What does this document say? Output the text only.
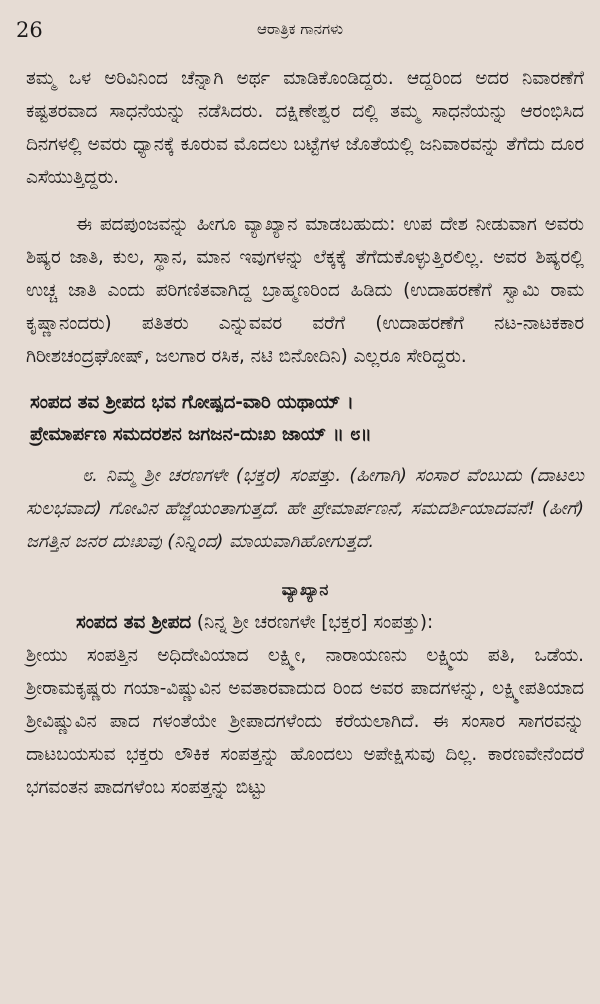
26	ಆರಾತ್ರಿಕ ಗಾನಗಳು

ತಮ್ಮ ಒಳ ಅರಿವಿನಿಂದ ಚೆನ್ನಾಗಿ ಅರ್ಥ ಮಾಡಿಕೊಂಡಿದ್ದರು. ಆದ್ದರಿಂದ ಅದರ ನಿವಾರಣೆಗೆ ಕಷ್ಟತರವಾದ ಸಾಧನೆಯನ್ನು ನಡೆಸಿದರು. ದಕ್ಷಿಣೇಶ್ವರ ದಲ್ಲಿ ತಮ್ಮ ಸಾಧನೆಯನ್ನು ಆರಂಭಿಸಿದ ದಿನಗಳಲ್ಲಿ ಅವರು ಧ್ಯಾನಕ್ಕೆ ಕೂರುವ ಮೊದಲು ಬಟ್ಟೆಗಳ ಜೊತೆಯಲ್ಲಿ ಜನಿವಾರವನ್ನು ತೆಗೆದು ದೂರ ಎಸೆಯುತ್ತಿದ್ದರು.

ಈ ಪದಪುಂಜವನ್ನು ಹೀಗೂ ವ್ಯಾಖ್ಯಾನ ಮಾಡಬಹುದು: ಉಪ ದೇಶ ನೀಡುವಾಗ ಅವರು ಶಿಷ್ಯರ ಜಾತಿ, ಕುಲ, ಸ್ಥಾನ, ಮಾನ ಇವುಗಳನ್ನು ಲೆಕ್ಕಕ್ಕೆ ತೆಗೆದುಕೊಳ್ಳುತ್ತಿರಲಿಲ್ಲ. ಅವರ ಶಿಷ್ಯರಲ್ಲಿ ಉಚ್ಚ ಜಾತಿ ಎಂದು ಪರಿಗಣಿತವಾಗಿದ್ದ ಬ್ರಾಹ್ಮಣರಿಂದ ಹಿಡಿದು (ಉದಾಹರಣೆಗೆ ಸ್ವಾಮಿ ರಾಮ ಕೃಷ್ಣಾನಂದರು) ಪತಿತರು ಎನ್ನುವವರ ವರೆಗೆ (ಉದಾಹರಣೆಗೆ ನಟ-ನಾಟಕಕಾರ ಗಿರೀಶಚಂದ್ರಘೋಷ್, ಜಲಗಾರ ರಸಿಕ, ನಟಿ ಬಿನೋದಿನಿ) ಎಲ್ಲರೂ ಸೇರಿದ್ದರು.

ಸಂಪದ ತವ ಶ್ರೀಪದ ಭವ ಗೋಷ್ಪದ-ವಾರಿ ಯಥಾಯ್ ।

ಪ್ರೇಮಾರ್ಪಣ ಸಮದರಶನ ಜಗಜನ-ದುಃಖ ಜಾಯ್ ॥ ೮॥

೮. ನಿಮ್ಮ ಶ್ರೀ ಚರಣಗಳೇ (ಭಕ್ತರ) ಸಂಪತ್ತು. (ಹೀಗಾಗಿ) ಸಂಸಾರ ವೆಂಬುದು (ದಾಟಲು ಸುಲಭವಾದ) ಗೋವಿನ ಹೆಜ್ಜೆಯಂತಾಗುತ್ತದೆ. ಹೇ ಪ್ರೇಮಾರ್ಪಣನೆ, ಸಮದರ್ಶಿಯಾದವನೆ! (ಹೀಗೆ) ಜಗತ್ತಿನ ಜನರ ದುಃಖವು (ನಿನ್ನಿಂದ) ಮಾಯವಾಗಿಹೋಗುತ್ತದೆ.

ವ್ಯಾಖ್ಯಾನ

ಸಂಪದ ತವ ಶ್ರೀಪದ (ನಿನ್ನ ಶ್ರೀ ಚರಣಗಳೇ [ಭಕ್ತರ] ಸಂಪತ್ತು):

ಶ್ರೀಯು ಸಂಪತ್ತಿನ ಅಧಿದೇವಿಯಾದ ಲಕ್ಷ್ಮೀ, ನಾರಾಯಣನು ಲಕ್ಷ್ಮಿಯ ಪತಿ, ಒಡೆಯ. ಶ್ರೀರಾಮಕೃಷ್ಣರು ಗಯಾ-ವಿಷ್ಣುವಿನ ಅವತಾರವಾದುದ ರಿಂದ ಅವರ ಪಾದಗಳನ್ನು, ಲಕ್ಷ್ಮೀಪತಿಯಾದ ಶ್ರೀವಿಷ್ಣುವಿನ ಪಾದ ಗಳಂತೆಯೇ ಶ್ರೀಪಾದಗಳೆಂದು ಕರೆಯಲಾಗಿದೆ. ಈ ಸಂಸಾರ ಸಾಗರವನ್ನು ದಾಟಬಯಸುವ ಭಕ್ತರು ಲೌಕಿಕ ಸಂಪತ್ತನ್ನು ಹೊಂದಲು ಅಪೇಕ್ಷಿಸುವು ದಿಲ್ಲ. ಕಾರಣವೇನೆಂದರೆ ಭಗವಂತನ ಪಾದಗಳೆಂಬ ಸಂಪತ್ತನ್ನು ಬಿಟ್ಟು
